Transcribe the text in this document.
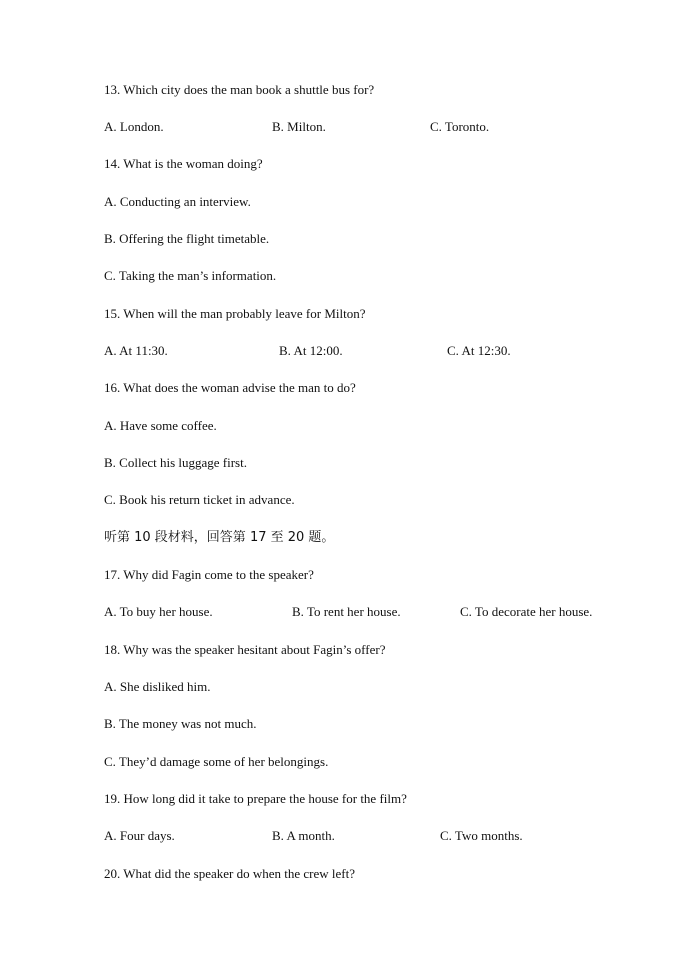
13. Which city does the man book a shuttle bus for?
A. London.	B. Milton.	C. Toronto.
14. What is the woman doing?
A. Conducting an interview.
B. Offering the flight timetable.
C. Taking the man’s information.
15. When will the man probably leave for Milton?
A. At 11:30.	B. At 12:00.	C. At 12:30.
16. What does the woman advise the man to do?
A. Have some coffee.
B. Collect his luggage first.
C. Book his return ticket in advance.
听第 10 段材料，回答第 17 至 20 题。
17. Why did Fagin come to the speaker?
A. To buy her house.	B. To rent her house.	C. To decorate her house.
18. Why was the speaker hesitant about Fagin’s offer?
A. She disliked him.
B. The money was not much.
C. They’d damage some of her belongings.
19. How long did it take to prepare the house for the film?
A. Four days.	B. A month.	C. Two months.
20. What did the speaker do when the crew left?
